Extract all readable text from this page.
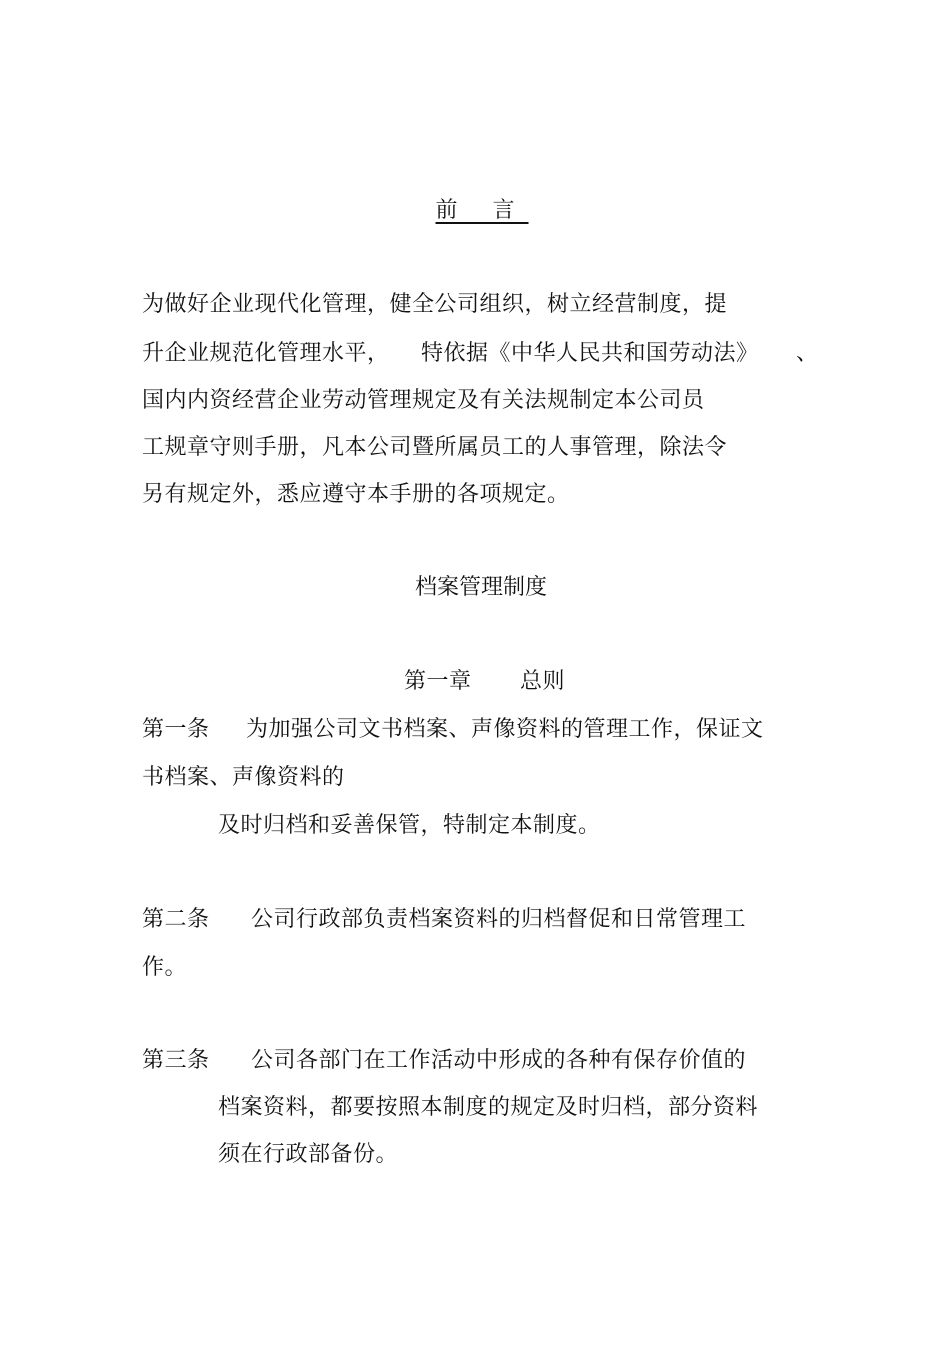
前 言
为做好企业现代化管理，健全公司组织，树立经营制度，提
升企业规范化管理水平， 特依据《中华人民共和国劳动法》 、
国内内资经营企业劳动管理规定及有关法规制定本公司员
工规章守则手册，凡本公司暨所属员工的人事管理，除法令
另有规定外，悉应遵守本手册的各项规定。
档案管理制度
第一章 总则
第一条 为加强公司文书档案、声像资料的管理工作，保证文
书档案、声像资料的
及时归档和妥善保管，特制定本制度。
第二条 公司行政部负责档案资料的归档督促和日常管理工
作。
第三条 公司各部门在工作活动中形成的各种有保存价值的
档案资料，都要按照本制度的规定及时归档，部分资料
须在行政部备份。
